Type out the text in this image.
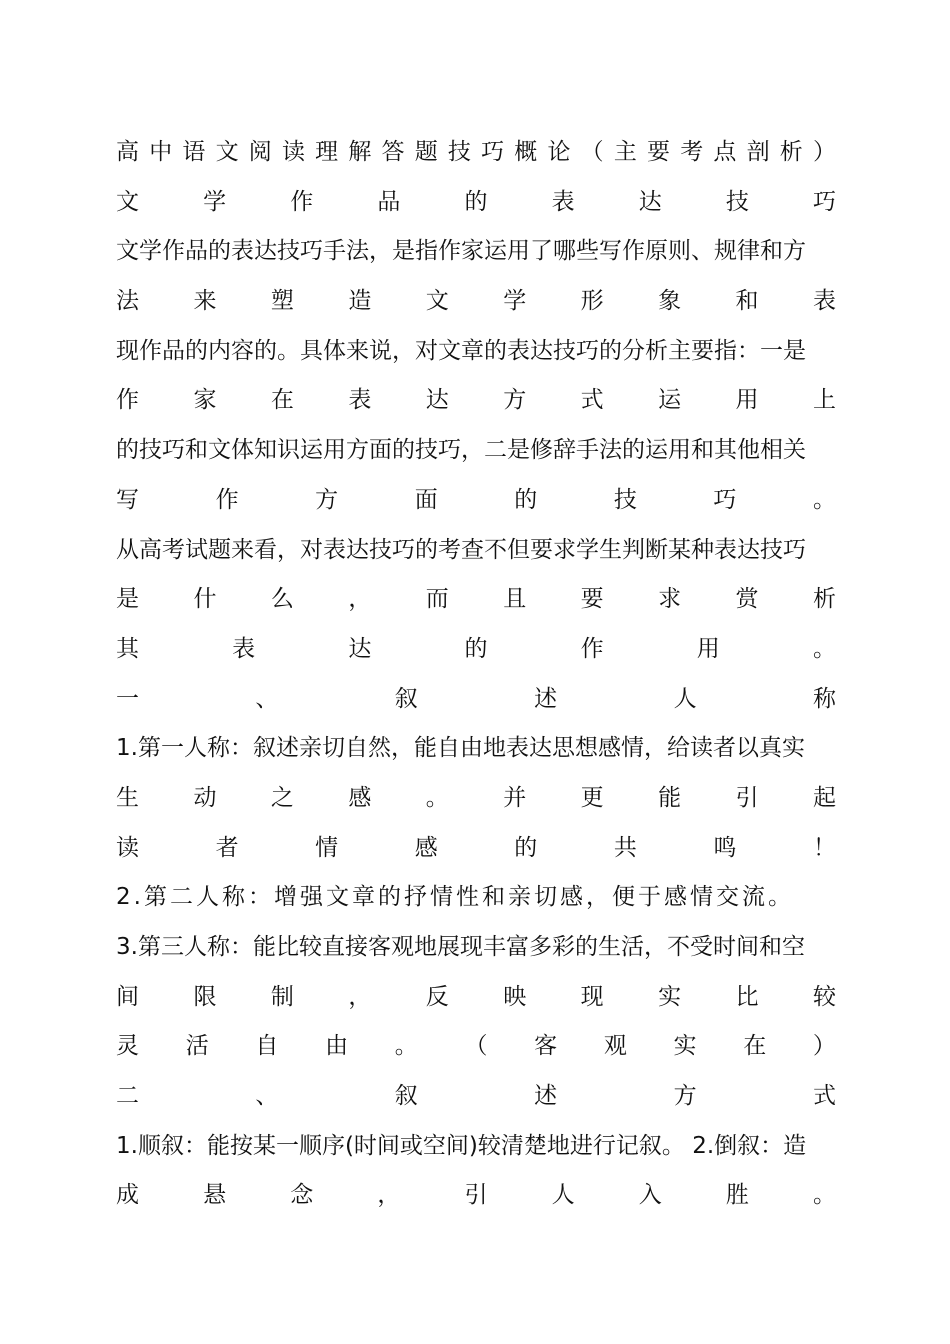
高 中 语 文 阅 读 理 解 答 题 技 巧 概 论 （ 主 要 考 点 剖 析 ）
文	学	作	品	的	表	达	技	巧
文学作品的表达技巧手法，是指作家运用了哪些写作原则、规律和方
法 来 塑 造 文 学 形 象 和 表
现作品的内容的。具体来说，对文章的表达技巧的分析主要指：一是
作 家 在 表 达 方 式 运 用 上
的技巧和文体知识运用方面的技巧，二是修辞手法的运用和其他相关
写	作	方	面	的	技	巧	。
从高考试题来看，对表达技巧的考查不但要求学生判断某种表达技巧
是 什 么 ， 而 且 要 求 赏 析
其	表	达	的	作	用	。
一	、	叙	述	人	称
1.第一人称：叙述亲切自然，能自由地表达思想感情，给读者以真实
生 动 之 感 。 并 更 能 引 起
读	者	情	感	的	共	鸣	！
2.第二人称：增强文章的抒情性和亲切感，便于感情交流。
3.第三人称：能比较直接客观地展现丰富多彩的生活，不受时间和空
间 限 制 ， 反 映 现 实 比 较
灵 活 自 由 。 （ 客 观 实 在 ）
二	、	叙	述	方	式
1.顺叙：能按某一顺序(时间或空间)较清楚地进行记叙。 2.倒叙：造
成	悬	念	，	引	人	入	胜	。
